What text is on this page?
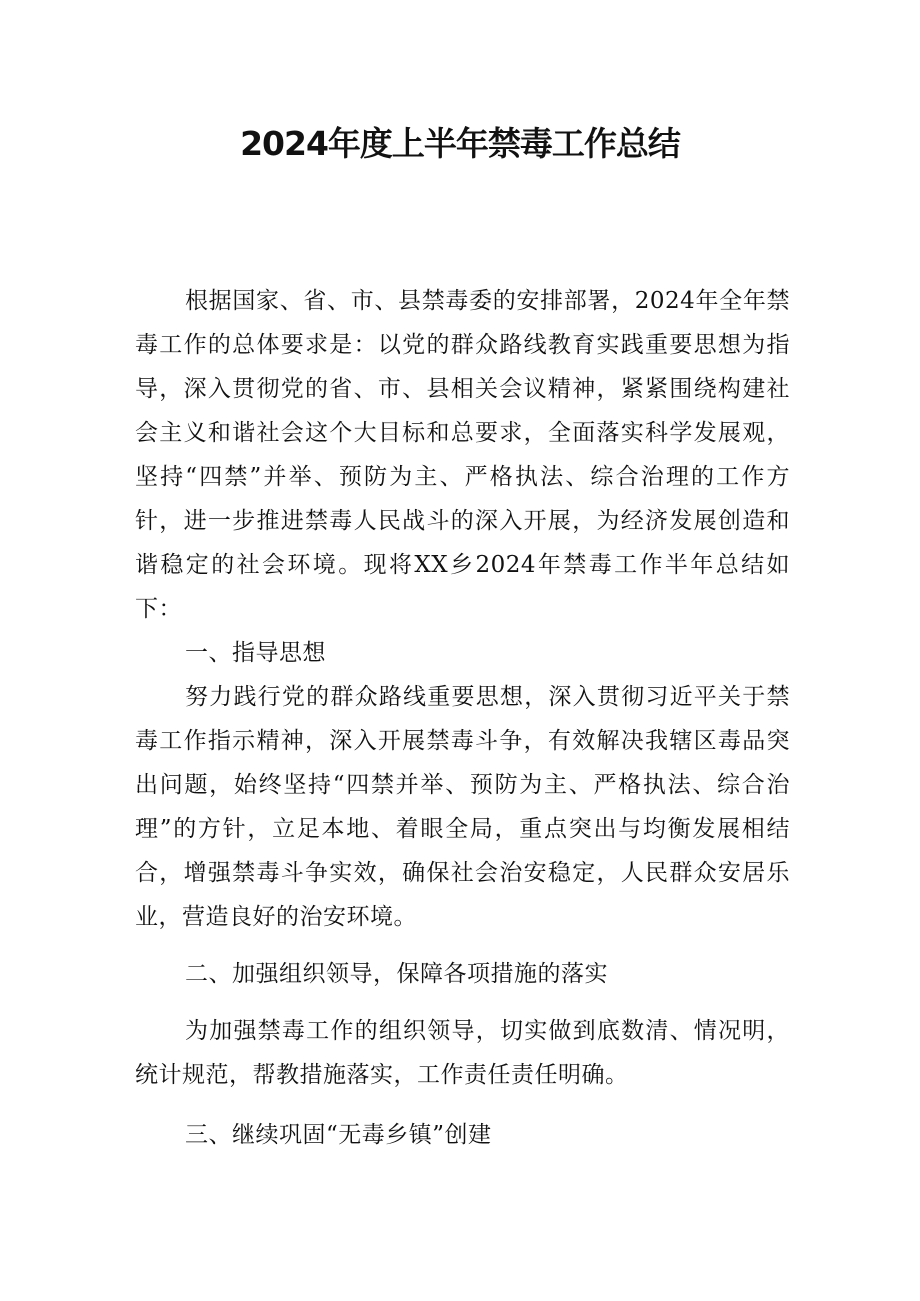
2024年度上半年禁毒工作总结

根据国家、省、市、县禁毒委的安排部署，2024年全年禁毒工作的总体要求是：以党的群众路线教育实践重要思想为指导，深入贯彻党的省、市、县相关会议精神，紧紧围绕构建社会主义和谐社会这个大目标和总要求，全面落实科学发展观，坚持“四禁”并举、预防为主、严格执法、综合治理的工作方针，进一步推进禁毒人民战斗的深入开展，为经济发展创造和谐稳定的社会环境。现将XX乡2024年禁毒工作半年总结如下：

一、指导思想

努力践行党的群众路线重要思想，深入贯彻习近平关于禁毒工作指示精神，深入开展禁毒斗争，有效解决我辖区毒品突出问题，始终坚持“四禁并举、预防为主、严格执法、综合治理”的方针，立足本地、着眼全局，重点突出与均衡发展相结合，增强禁毒斗争实效，确保社会治安稳定，人民群众安居乐业，营造良好的治安环境。

二、加强组织领导，保障各项措施的落实

为加强禁毒工作的组织领导，切实做到底数清、情况明，统计规范，帮教措施落实，工作责任责任明确。

三、继续巩固“无毒乡镇”创建
